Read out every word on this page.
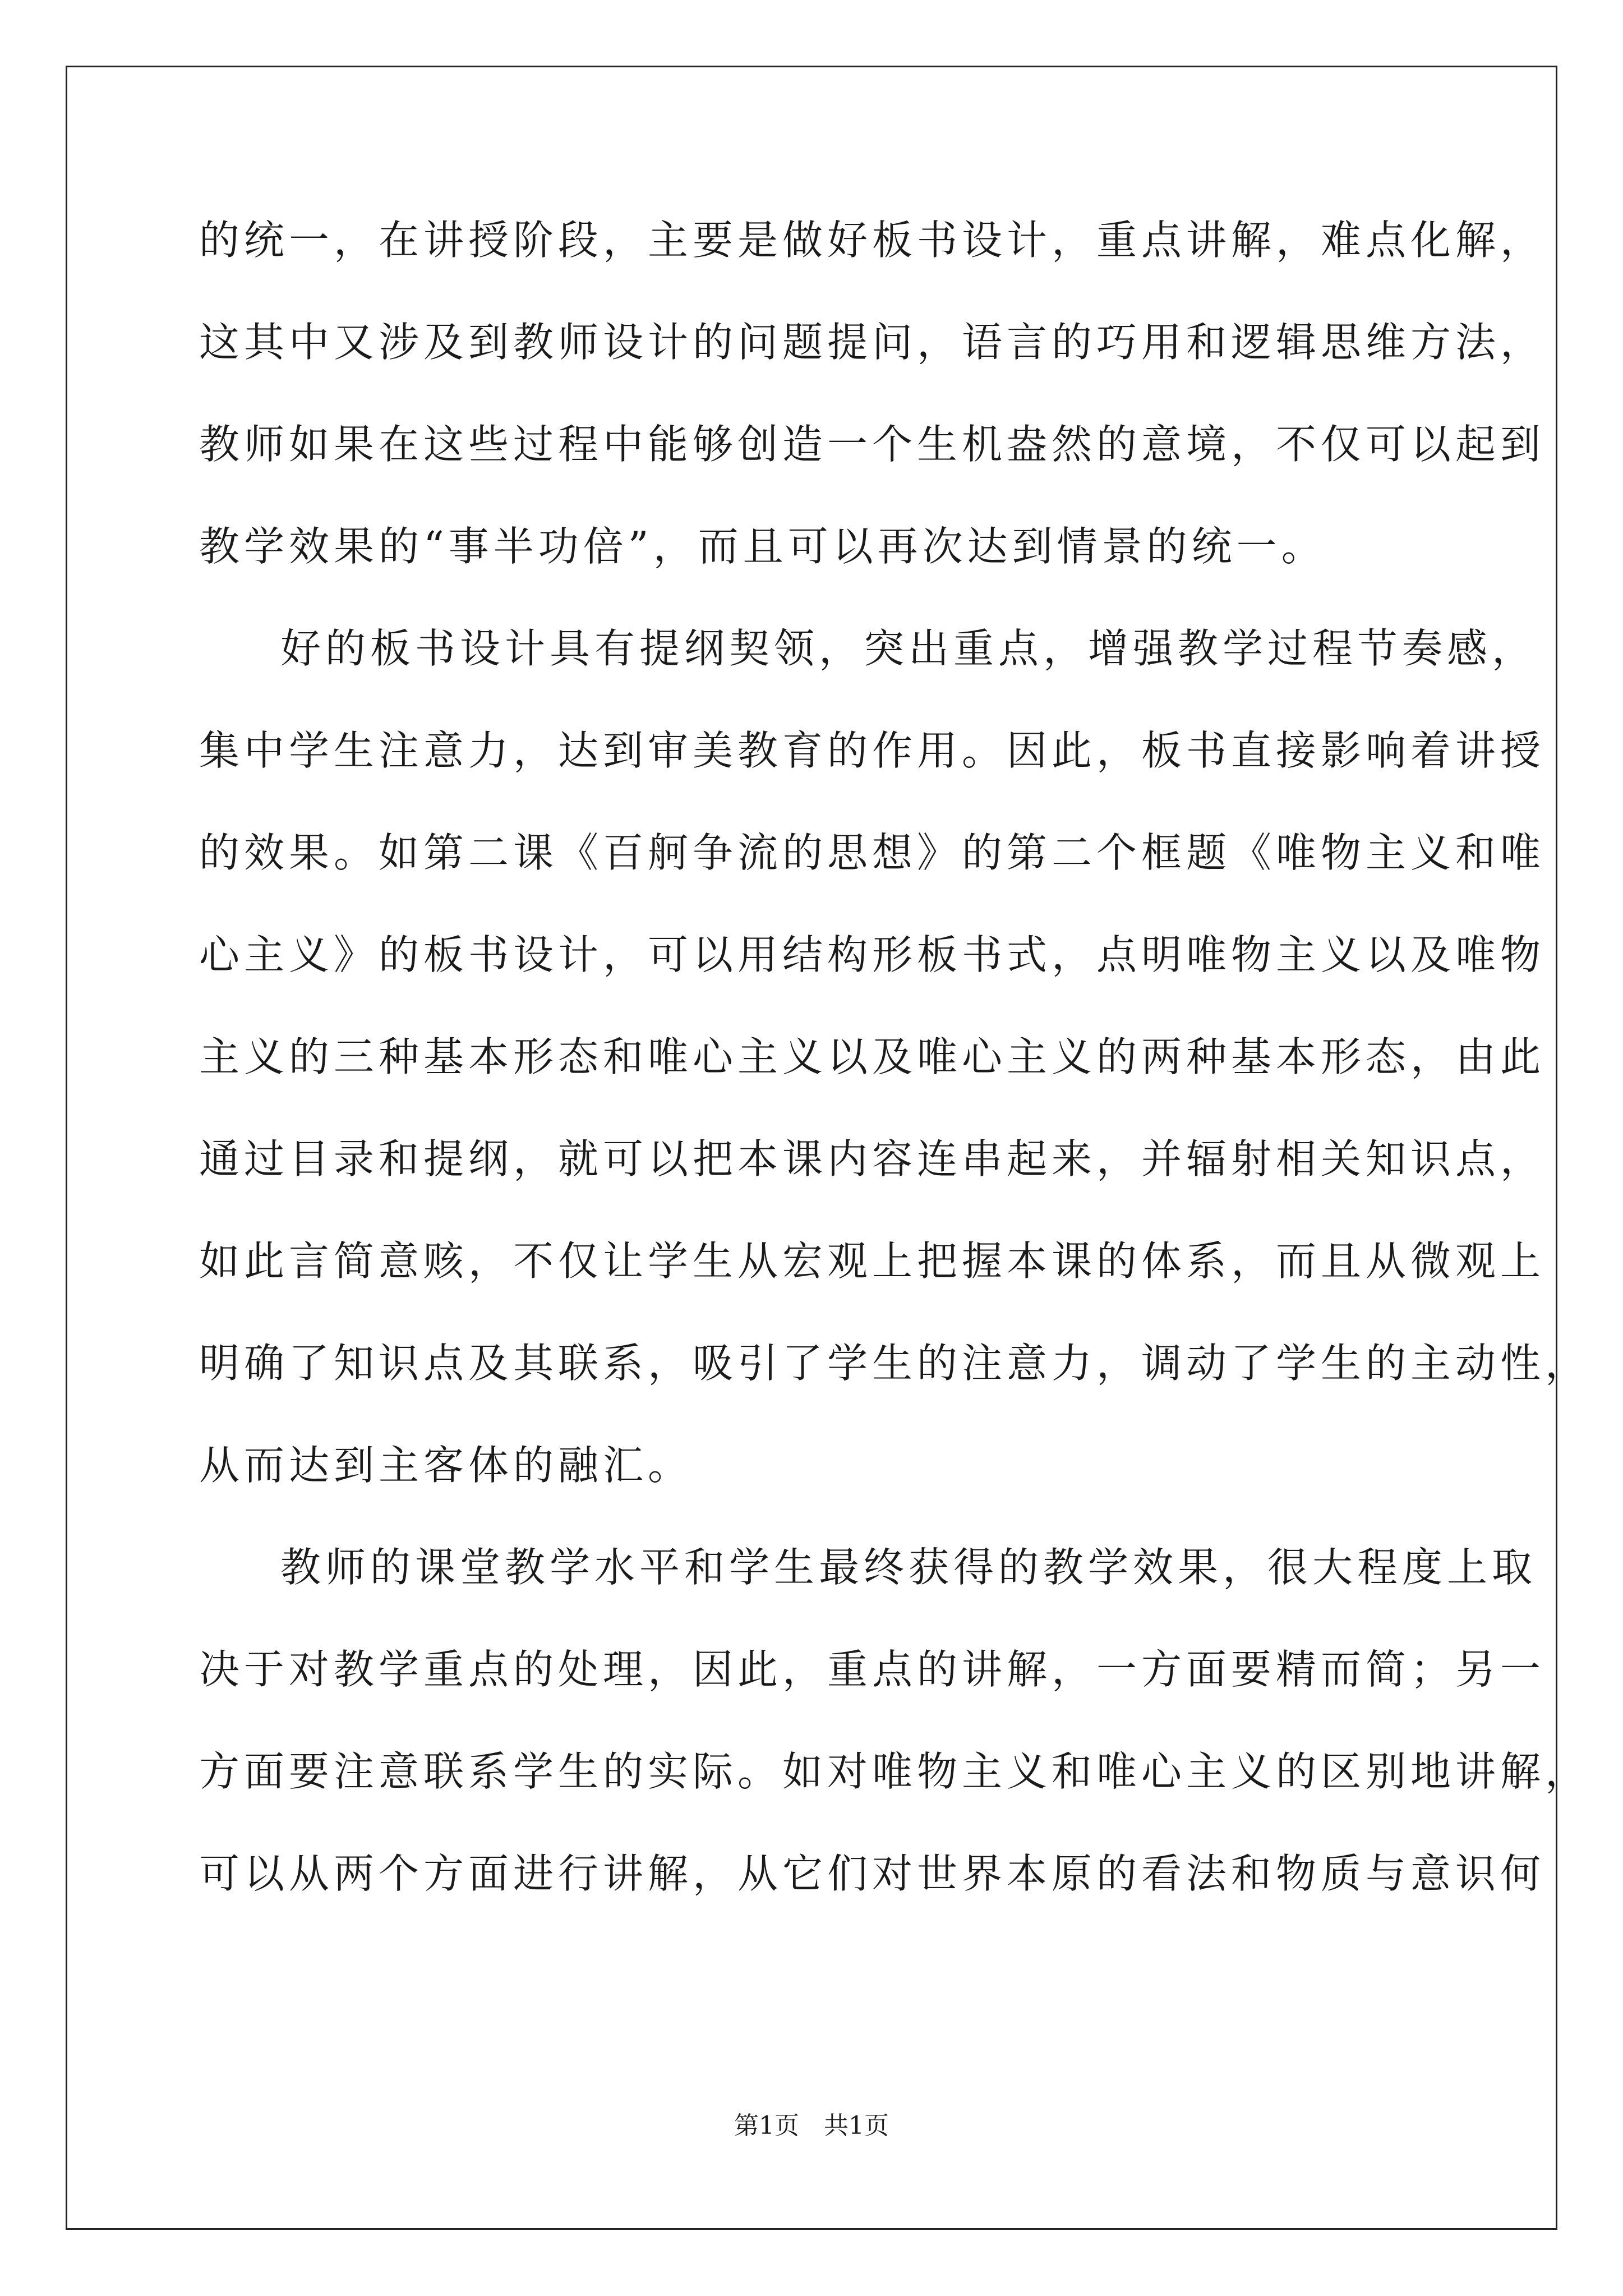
的统一，在讲授阶段，主要是做好板书设计，重点讲解，难点化解，
这其中又涉及到教师设计的问题提问，语言的巧用和逻辑思维方法，
教师如果在这些过程中能够创造一个生机盎然的意境，不仅可以起到
教学效果的“事半功倍”，而且可以再次达到情景的统一。
好的板书设计具有提纲契领，突出重点，增强教学过程节奏感，
集中学生注意力，达到审美教育的作用。因此，板书直接影响着讲授
的效果。如第二课《百舸争流的思想》的第二个框题《唯物主义和唯
心主义》的板书设计，可以用结构形板书式，点明唯物主义以及唯物
主义的三种基本形态和唯心主义以及唯心主义的两种基本形态，由此
通过目录和提纲，就可以把本课内容连串起来，并辐射相关知识点，
如此言简意赅，不仅让学生从宏观上把握本课的体系，而且从微观上
明确了知识点及其联系，吸引了学生的注意力，调动了学生的主动性，
从而达到主客体的融汇。
教师的课堂教学水平和学生最终获得的教学效果，很大程度上取
决于对教学重点的处理，因此，重点的讲解，一方面要精而简；另一
方面要注意联系学生的实际。如对唯物主义和唯心主义的区别地讲解，
可以从两个方面进行讲解，从它们对世界本原的看法和物质与意识何
第1页　共1页
